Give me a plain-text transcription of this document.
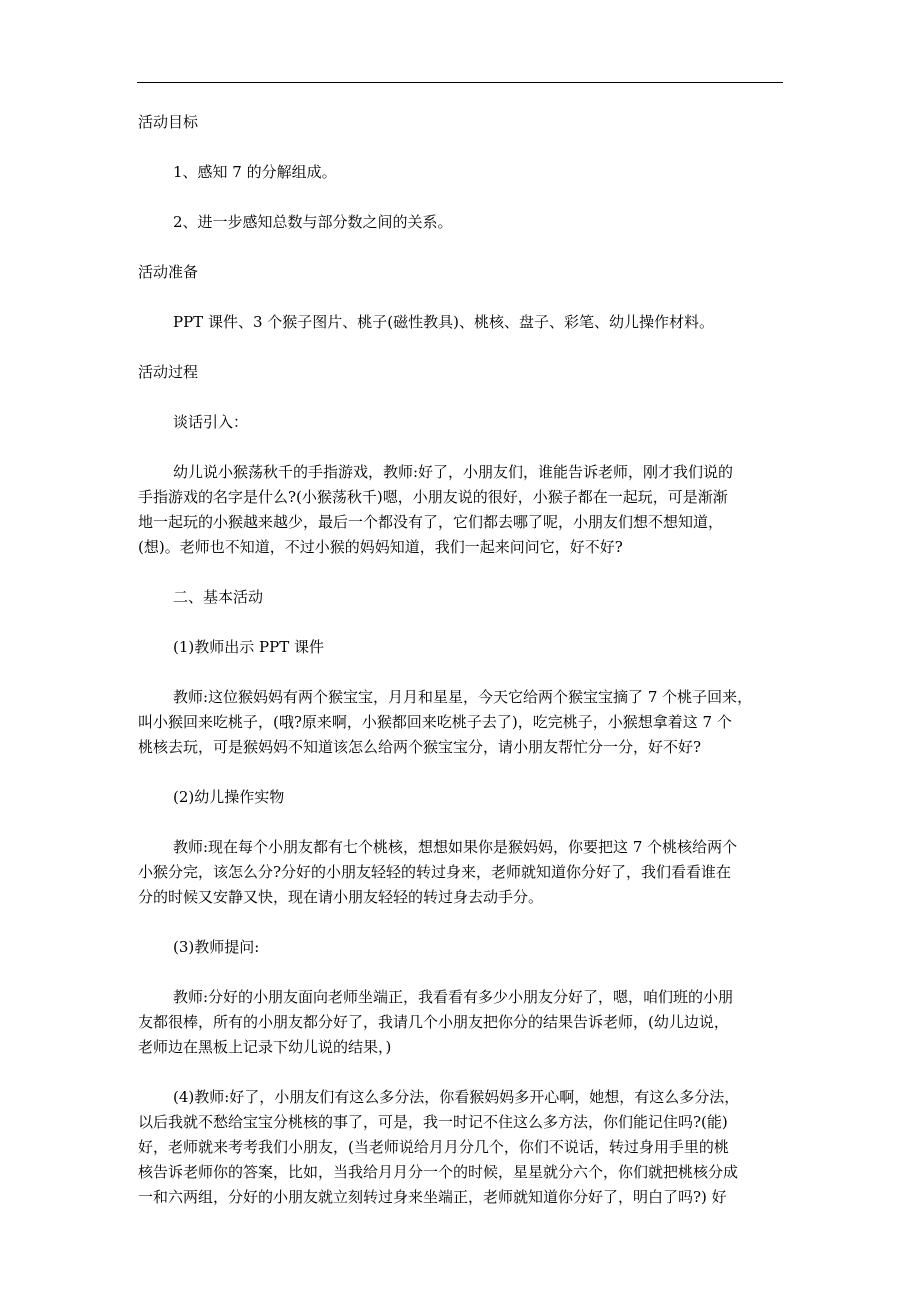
活动目标
1、感知 7 的分解组成。
2、进一步感知总数与部分数之间的关系。
活动准备
PPT 课件、3 个猴子图片、桃子(磁性教具)、桃核、盘子、彩笔、幼儿操作材料。
活动过程
谈话引入：
幼儿说小猴荡秋千的手指游戏，教师:好了，小朋友们，谁能告诉老师，刚才我们说的
手指游戏的名字是什么?(小猴荡秋千)嗯，小朋友说的很好，小猴子都在一起玩，可是渐渐
地一起玩的小猴越来越少，最后一个都没有了，它们都去哪了呢，小朋友们想不想知道，
(想)。老师也不知道，不过小猴的妈妈知道，我们一起来问问它，好不好?
二、基本活动
(1)教师出示 PPT 课件
教师:这位猴妈妈有两个猴宝宝，月月和星星，今天它给两个猴宝宝摘了 7 个桃子回来，
叫小猴回来吃桃子，(哦?原来啊，小猴都回来吃桃子去了)，吃完桃子，小猴想拿着这 7 个
桃核去玩，可是猴妈妈不知道该怎么给两个猴宝宝分，请小朋友帮忙分一分，好不好?
(2)幼儿操作实物
教师:现在每个小朋友都有七个桃核，想想如果你是猴妈妈，你要把这 7 个桃核给两个
小猴分完，该怎么分?分好的小朋友轻轻的转过身来，老师就知道你分好了，我们看看谁在
分的时候又安静又快，现在请小朋友轻轻的转过身去动手分。
(3)教师提问:
教师:分好的小朋友面向老师坐端正，我看看有多少小朋友分好了，嗯，咱们班的小朋
友都很棒，所有的小朋友都分好了，我请几个小朋友把你分的结果告诉老师，(幼儿边说，
老师边在黑板上记录下幼儿说的结果，)
(4)教师:好了，小朋友们有这么多分法，你看猴妈妈多开心啊，她想，有这么多分法，
以后我就不愁给宝宝分桃核的事了，可是，我一时记不住这么多方法，你们能记住吗?(能)
好，老师就来考考我们小朋友，(当老师说给月月分几个，你们不说话，转过身用手里的桃
核告诉老师你的答案，比如，当我给月月分一个的时候，星星就分六个，你们就把桃核分成
一和六两组，分好的小朋友就立刻转过身来坐端正，老师就知道你分好了，明白了吗?) 好
